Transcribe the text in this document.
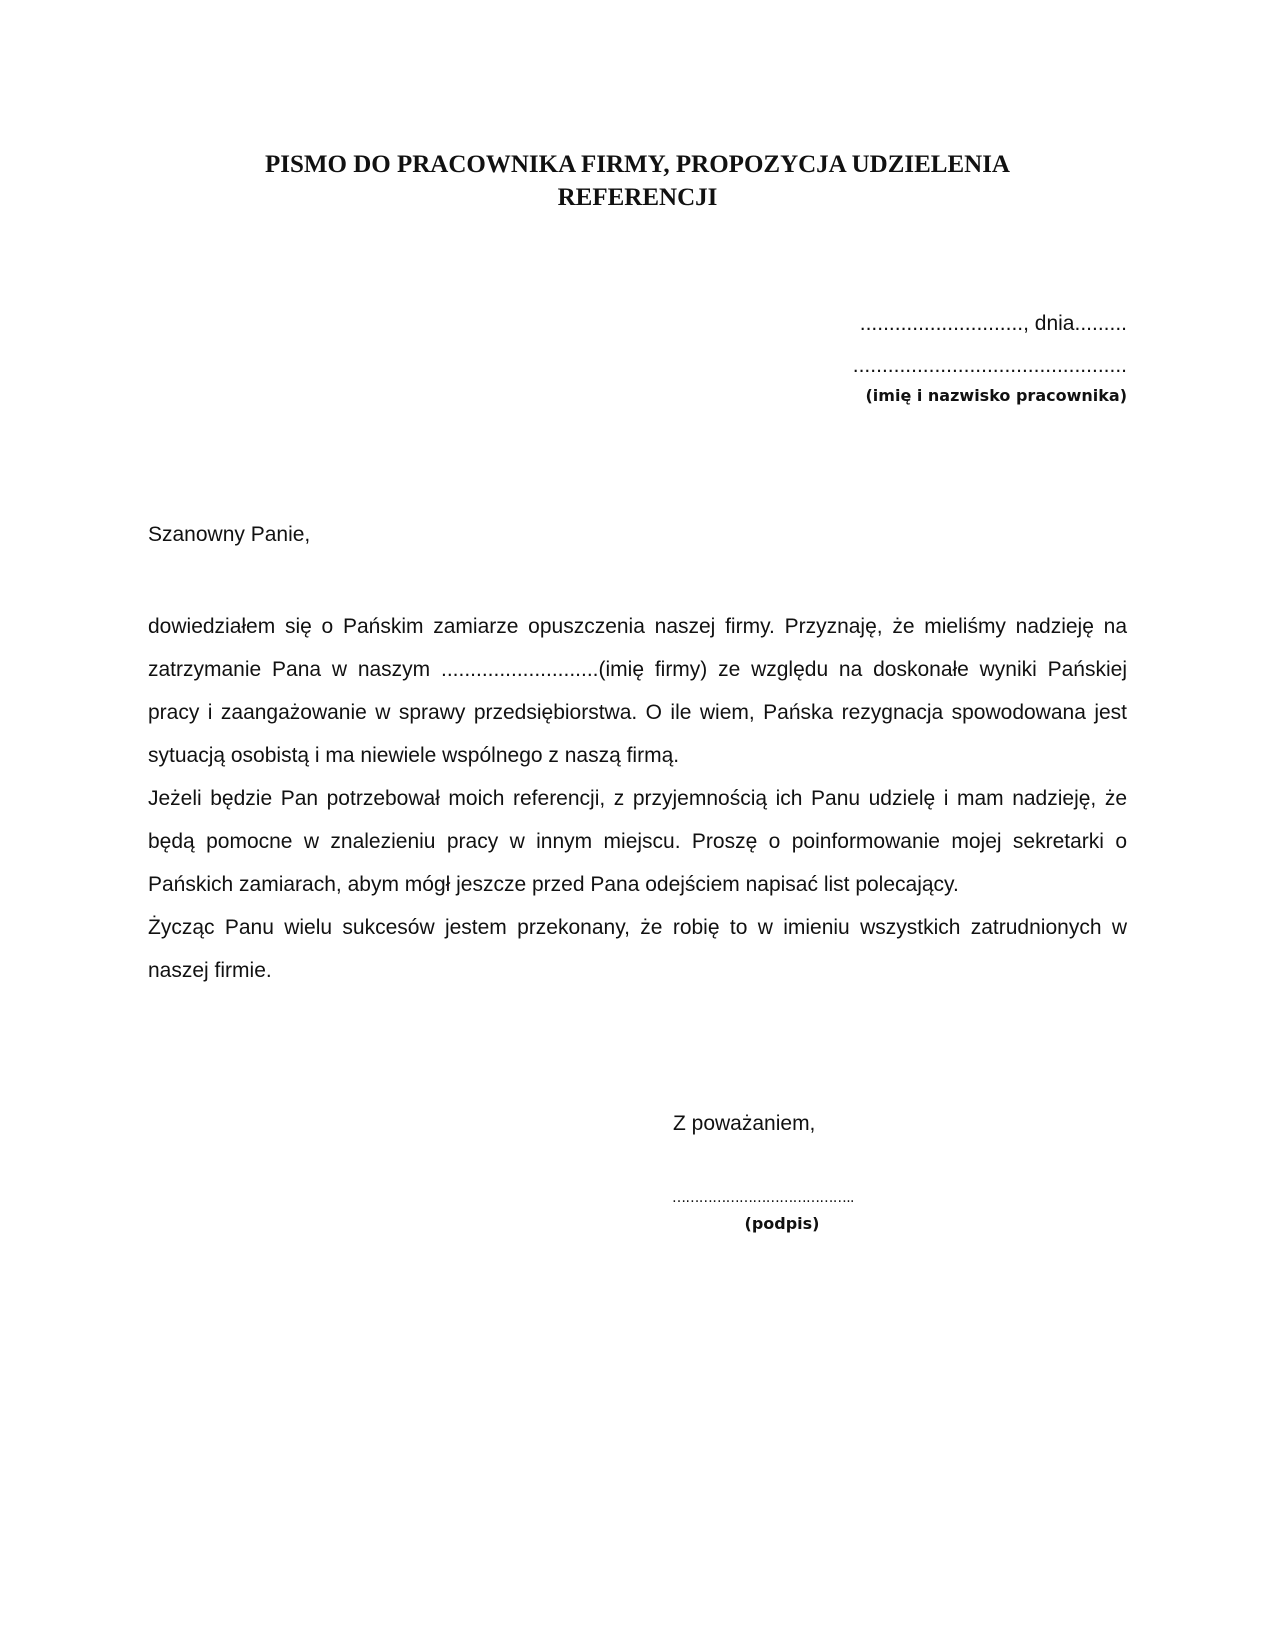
PISMO DO PRACOWNIKA FIRMY, PROPOZYCJA UDZIELENIA
REFERENCJI
............................, dnia.........
...............................................
(imię i nazwisko pracownika)
Szanowny Panie,

dowiedziałem się o Pańskim zamiarze opuszczenia naszej firmy. Przyznaję, że mieliśmy nadzieję na zatrzymanie Pana w naszym ...........................(imię firmy) ze względu na doskonałe wyniki Pańskiej pracy i zaangażowanie w sprawy przedsiębiorstwa. O ile wiem, Pańska rezygnacja spowodowana jest sytuacją osobistą i ma niewiele wspólnego z naszą firmą.

Jeżeli będzie Pan potrzebował moich referencji, z przyjemnością ich Panu udzielę i mam nadzieję, że będą pomocne w znalezieniu pracy w innym miejscu. Proszę o poinformowanie mojej sekretarki o Pańskich zamiarach, abym mógł jeszcze przed Pana odejściem napisać list polecający.

Życząc Panu wielu sukcesów jestem przekonany, że robię to w imieniu wszystkich zatrudnionych w naszej firmie.

Z poważaniem,
…………………………………..
(podpis)
